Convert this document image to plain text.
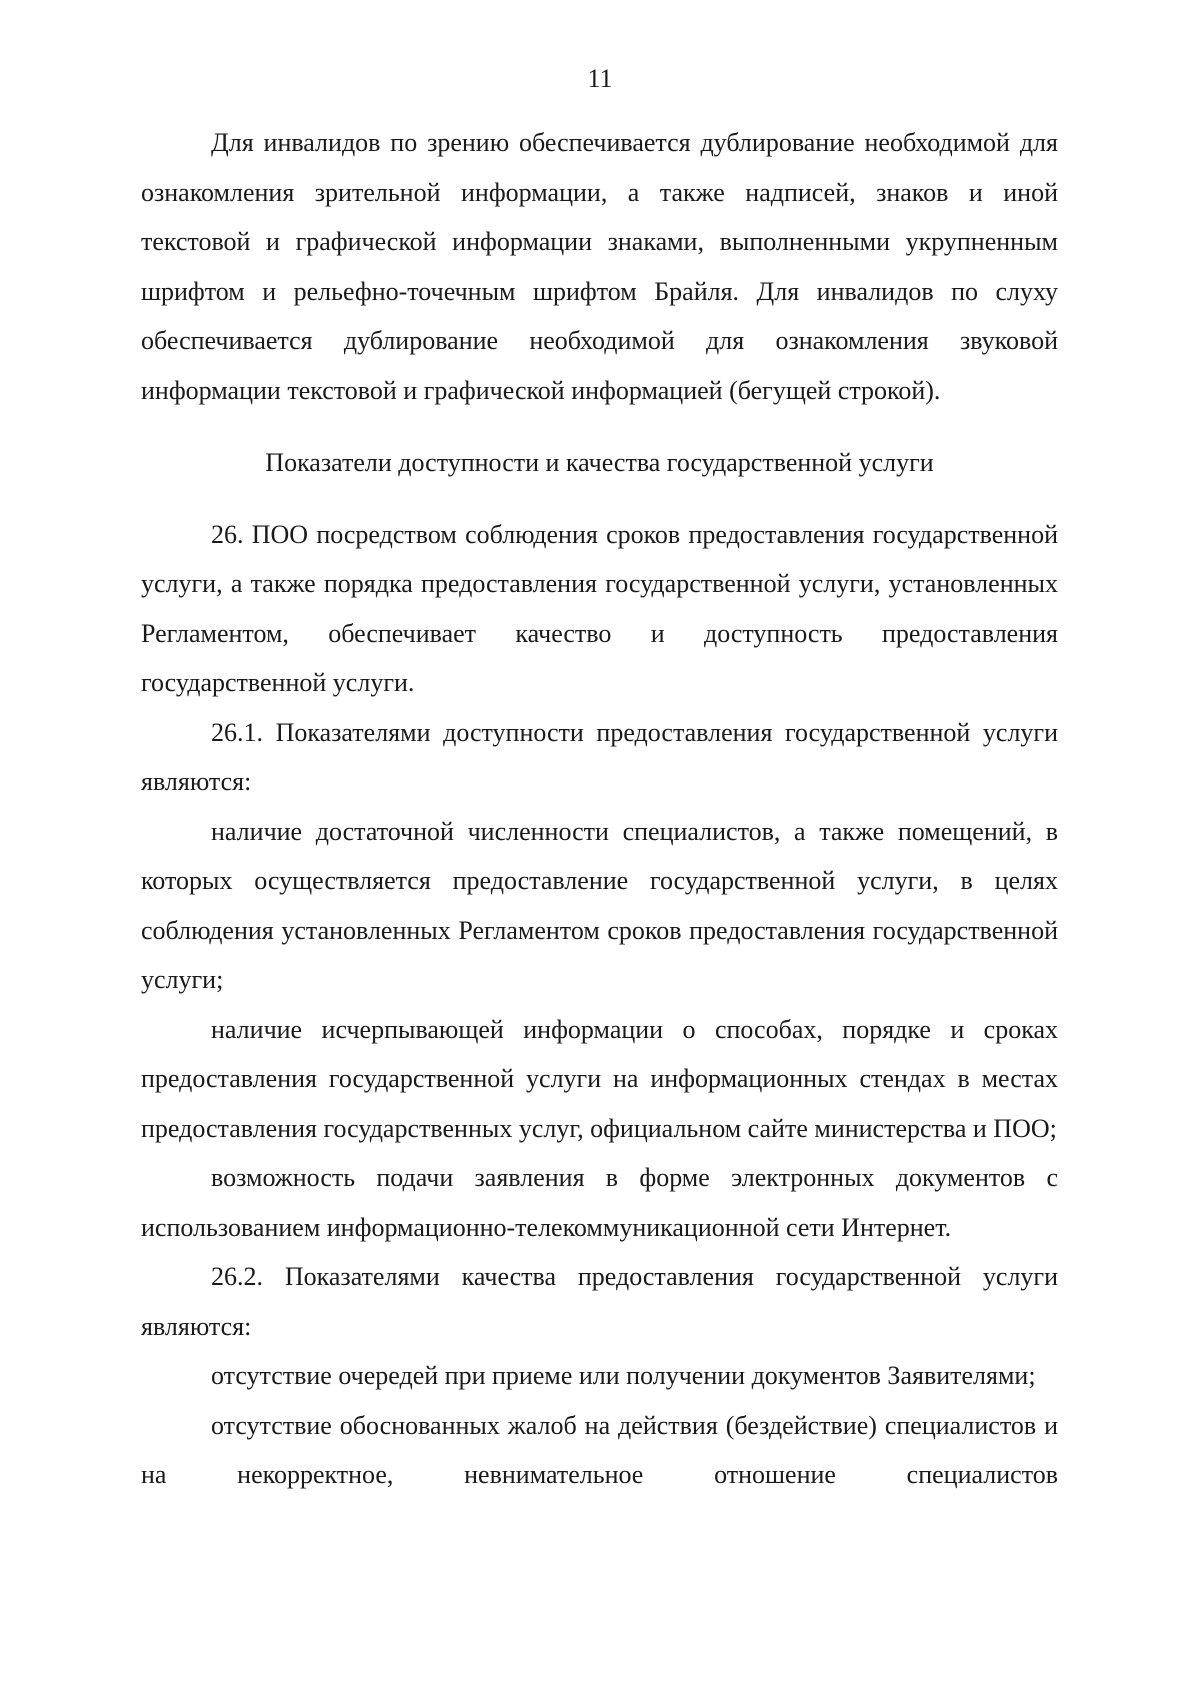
11

Для инвалидов по зрению обеспечивается дублирование необходимой для ознакомления зрительной информации, а также надписей, знаков и иной текстовой и графической информации знаками, выполненными укрупненным шрифтом и рельефно-точечным шрифтом Брайля. Для инвалидов по слуху обеспечивается дублирование необходимой для ознакомления звуковой информации текстовой и графической информацией (бегущей строкой).

Показатели доступности и качества государственной услуги

26. ПОО посредством соблюдения сроков предоставления государственной услуги, а также порядка предоставления государственной услуги, установленных Регламентом, обеспечивает качество и доступность предоставления государственной услуги.

26.1. Показателями доступности предоставления государственной услуги являются:

наличие достаточной численности специалистов, а также помещений, в которых осуществляется предоставление государственной услуги, в целях соблюдения установленных Регламентом сроков предоставления государственной услуги;

наличие исчерпывающей информации о способах, порядке и сроках предоставления государственной услуги на информационных стендах в местах предоставления государственных услуг, официальном сайте министерства и ПОО;

возможность подачи заявления в форме электронных документов с использованием информационно-телекоммуникационной сети Интернет.

26.2. Показателями качества предоставления государственной услуги являются:

отсутствие очередей при приеме или получении документов Заявителями;

отсутствие обоснованных жалоб на действия (бездействие) специалистов и на некорректное, невнимательное отношение специалистов
